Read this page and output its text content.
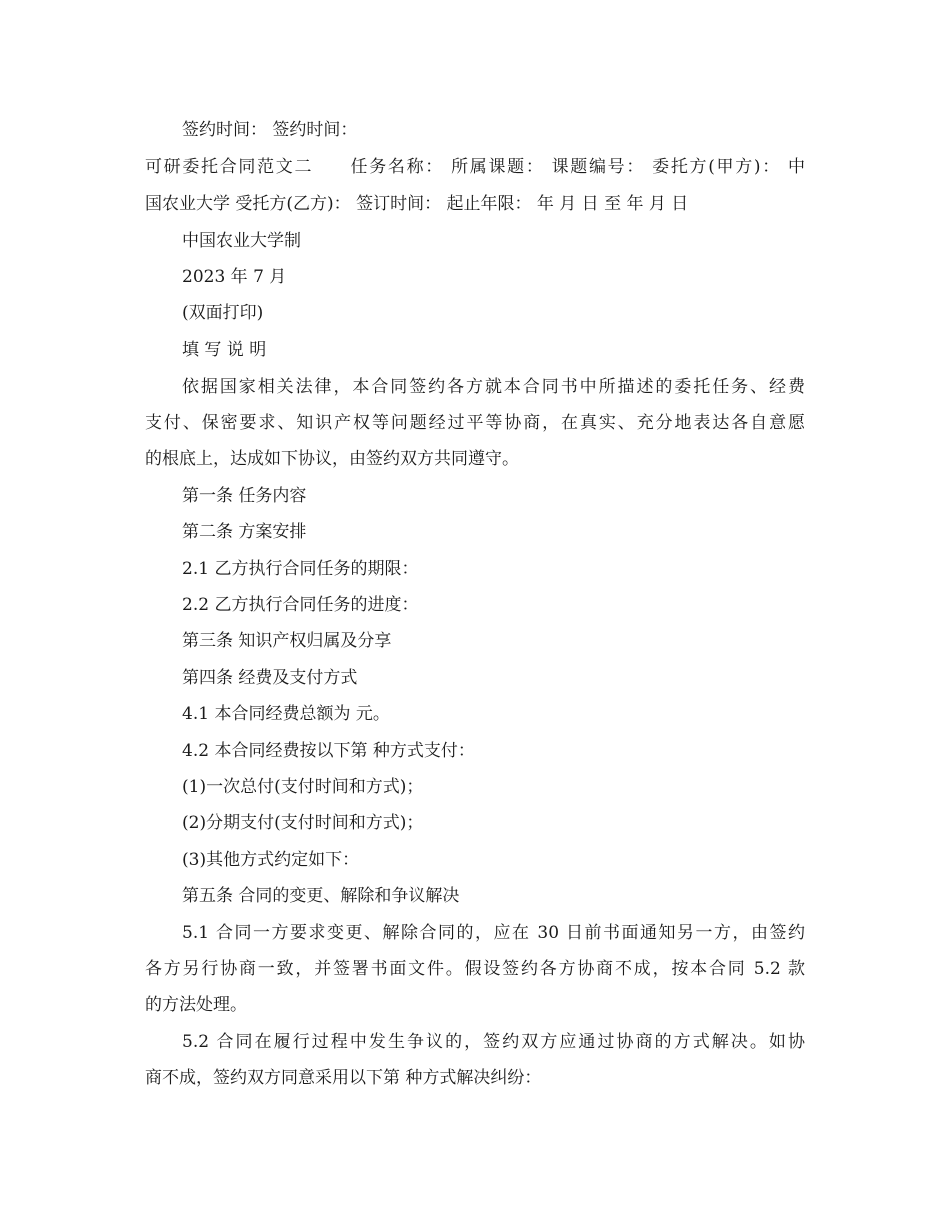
签约时间： 签约时间：
可研委托合同范文二　　任务名称： 所属课题： 课题编号： 委托方(甲方)： 中
国农业大学 受托方(乙方)： 签订时间： 起止年限： 年 月 日 至 年 月 日
中国农业大学制
2023 年 7 月
(双面打印)
填 写 说 明
依据国家相关法律，本合同签约各方就本合同书中所描述的委托任务、经费
支付、保密要求、知识产权等问题经过平等协商，在真实、充分地表达各自意愿
的根底上，达成如下协议，由签约双方共同遵守。
第一条 任务内容
第二条 方案安排
2.1 乙方执行合同任务的期限：
2.2 乙方执行合同任务的进度：
第三条 知识产权归属及分享
第四条 经费及支付方式
4.1 本合同经费总额为 元。
4.2 本合同经费按以下第 种方式支付：
(1)一次总付(支付时间和方式)；
(2)分期支付(支付时间和方式)；
(3)其他方式约定如下：
第五条 合同的变更、解除和争议解决
5.1 合同一方要求变更、解除合同的，应在 30 日前书面通知另一方，由签约
各方另行协商一致，并签署书面文件。假设签约各方协商不成，按本合同 5.2 款
的方法处理。
5.2 合同在履行过程中发生争议的，签约双方应通过协商的方式解决。如协
商不成，签约双方同意采用以下第 种方式解决纠纷：
